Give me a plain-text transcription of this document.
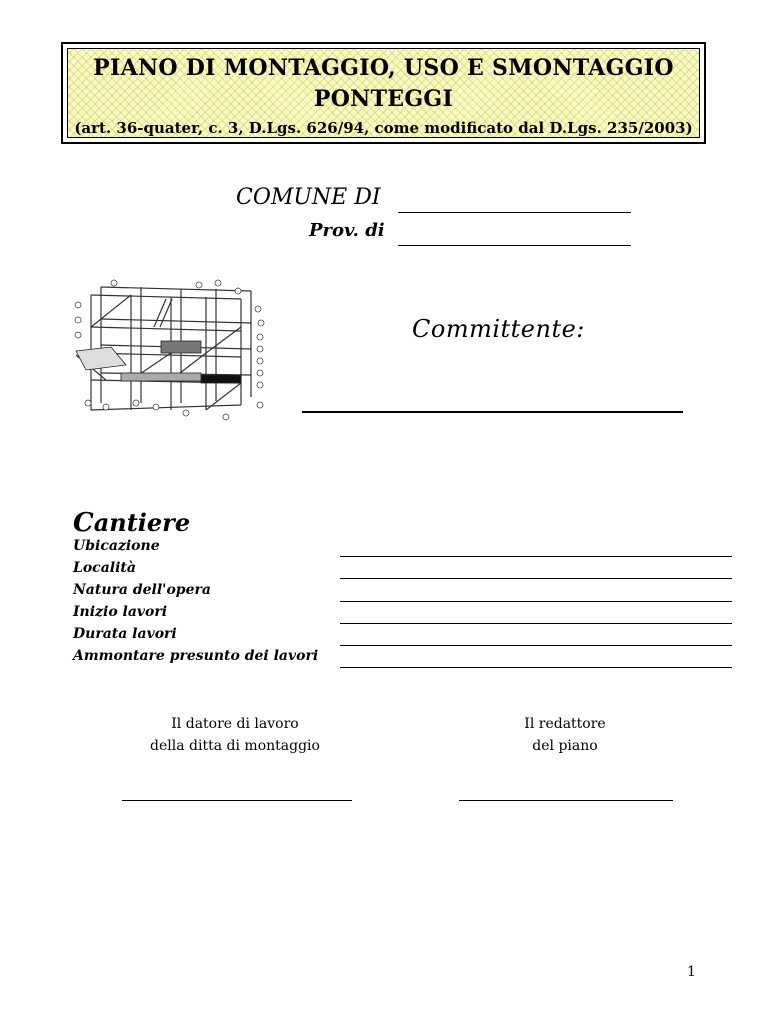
PIANO DI MONTAGGIO, USO E SMONTAGGIO
PONTEGGI
(art. 36-quater, c. 3, D.Lgs. 626/94, come modificato dal D.Lgs. 235/2003)
COMUNE DI
Prov. di
Committente:
Cantiere
Ubicazione
Località
Natura dell'opera
Inizio lavori
Durata lavori
Ammontare presunto dei lavori
Il datore di lavoro
della ditta di montaggio
Il redattore
del piano
1
